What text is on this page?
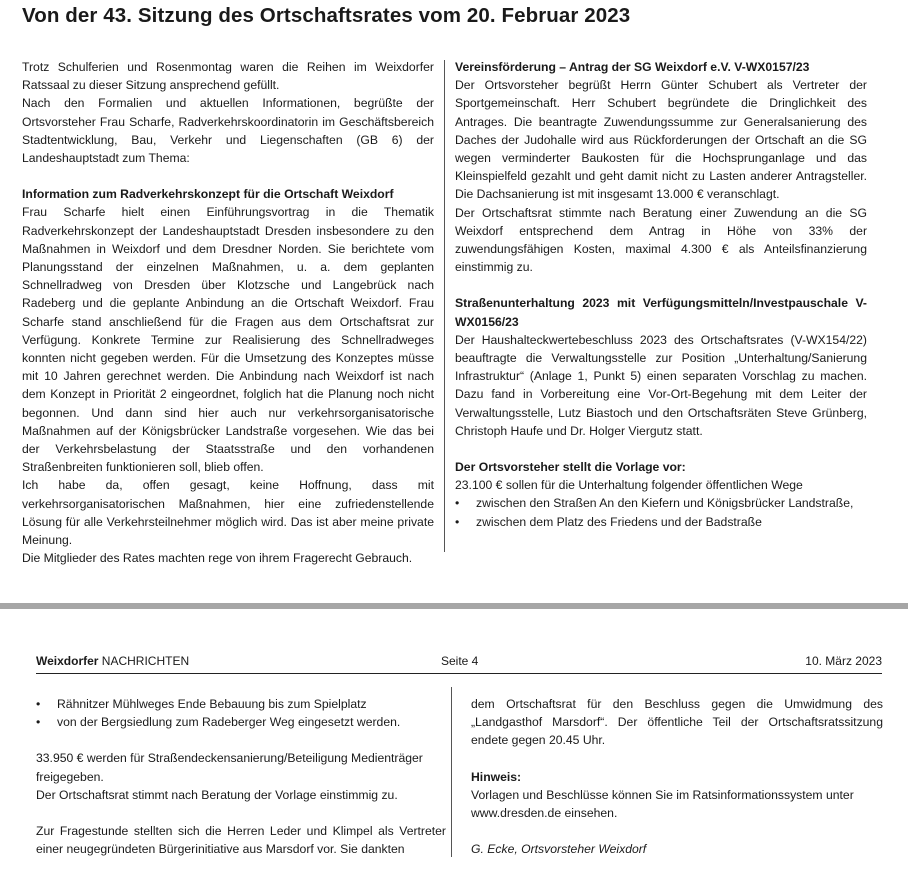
Von der 43. Sitzung des Ortschaftsrates vom 20. Februar 2023

Trotz Schulferien und Rosenmontag waren die Reihen im Weixdorfer Ratssaal zu dieser Sitzung ansprechend gefüllt.

Nach den Formalien und aktuellen Informationen, begrüßte der Ortsvorsteher Frau Scharfe, Radverkehrskoordinatorin im Geschäftsbereich Stadtentwicklung, Bau, Verkehr und Liegenschaften (GB 6) der Landeshauptstadt zum Thema:

Information zum Radverkehrskonzept für die Ortschaft Weixdorf

Frau Scharfe hielt einen Einführungsvortrag in die Thematik Radverkehrskonzept der Landeshauptstadt Dresden insbesondere zu den Maßnahmen in Weixdorf und dem Dresdner Norden. Sie berichtete vom Planungsstand der einzelnen Maßnahmen, u. a. dem geplanten Schnellradweg von Dresden über Klotzsche und Langebrück nach Radeberg und die geplante Anbindung an die Ortschaft Weixdorf. Frau Scharfe stand anschließend für die Fragen aus dem Ortschaftsrat zur Verfügung. Konkrete Termine zur Realisierung des Schnellradweges konnten nicht gegeben werden. Für die Umsetzung des Konzeptes müsse mit 10 Jahren gerechnet werden. Die Anbindung nach Weixdorf ist nach dem Konzept in Priorität 2 eingeordnet, folglich hat die Planung noch nicht begonnen. Und dann sind hier auch nur verkehrsorganisatorische Maßnahmen auf der Königsbrücker Landstraße vorgesehen. Wie das bei der Verkehrsbelastung der Staatsstraße und den vorhandenen Straßenbreiten funktionieren soll, blieb offen.

Ich habe da, offen gesagt, keine Hoffnung, dass mit verkehrsorganisatorischen Maßnahmen, hier eine zufriedenstellende Lösung für alle Verkehrsteilnehmer möglich wird. Das ist aber meine private Meinung.

Die Mitglieder des Rates machten rege von ihrem Fragerecht Gebrauch.

Vereinsförderung – Antrag der SG Weixdorf e.V. V-WX0157/23

Der Ortsvorsteher begrüßt Herrn Günter Schubert als Vertreter der Sportgemeinschaft. Herr Schubert begründete die Dringlichkeit des Antrages. Die beantragte Zuwendungssumme zur Generalsanierung des Daches der Judohalle wird aus Rückforderungen der Ortschaft an die SG wegen verminderter Baukosten für die Hochsprunganlage und das Kleinspielfeld gezahlt und geht damit nicht zu Lasten anderer Antragsteller. Die Dachsanierung ist mit insgesamt 13.000 € veranschlagt.

Der Ortschaftsrat stimmte nach Beratung einer Zuwendung an die SG Weixdorf entsprechend dem Antrag in Höhe von 33% der zuwendungsfähigen Kosten, maximal 4.300 € als Anteilsfinanzierung einstimmig zu.

Straßenunterhaltung 2023 mit Verfügungsmitteln/Investpauschale V-WX0156/23

Der Haushalteckwertebeschluss 2023 des Ortschaftsrates (V-WX154/22) beauftragte die Verwaltungsstelle zur Position „Unterhaltung/Sanierung Infrastruktur“ (Anlage 1, Punkt 5) einen separaten Vorschlag zu machen. Dazu fand in Vorbereitung eine Vor-Ort-Begehung mit dem Leiter der Verwaltungsstelle, Lutz Biastoch und den Ortschaftsräten Steve Grünberg, Christoph Haufe und Dr. Holger Viergutz statt.

Der Ortsvorsteher stellt die Vorlage vor:

23.100 € sollen für die Unterhaltung folgender öffentlichen Wege

• zwischen den Straßen An den Kiefern und Königsbrücker Landstraße,
• zwischen dem Platz des Friedens und der Badstraße
Weixdorfer NACHRICHTEN	Seite 4	10. März 2023
• Rähnitzer Mühlweges Ende Bebauung bis zum Spielplatz
• von der Bergsiedlung zum Radeberger Weg eingesetzt werden.

33.950 € werden für Straßendeckensanierung/Beteiligung Medienträger freigegeben.

Der Ortschaftsrat stimmt nach Beratung der Vorlage einstimmig zu.

Zur Fragestunde stellten sich die Herren Leder und Klimpel als Vertreter einer neugegründeten Bürgerinitiative aus Marsdorf vor. Sie dankten

dem Ortschaftsrat für den Beschluss gegen die Umwidmung des „Landgasthof Marsdorf“. Der öffentliche Teil der Ortschaftsratssitzung endete gegen 20.45 Uhr.

Hinweis:

Vorlagen und Beschlüsse können Sie im Ratsinformationssystem unter www.dresden.de einsehen.

G. Ecke, Ortsvorsteher Weixdorf
